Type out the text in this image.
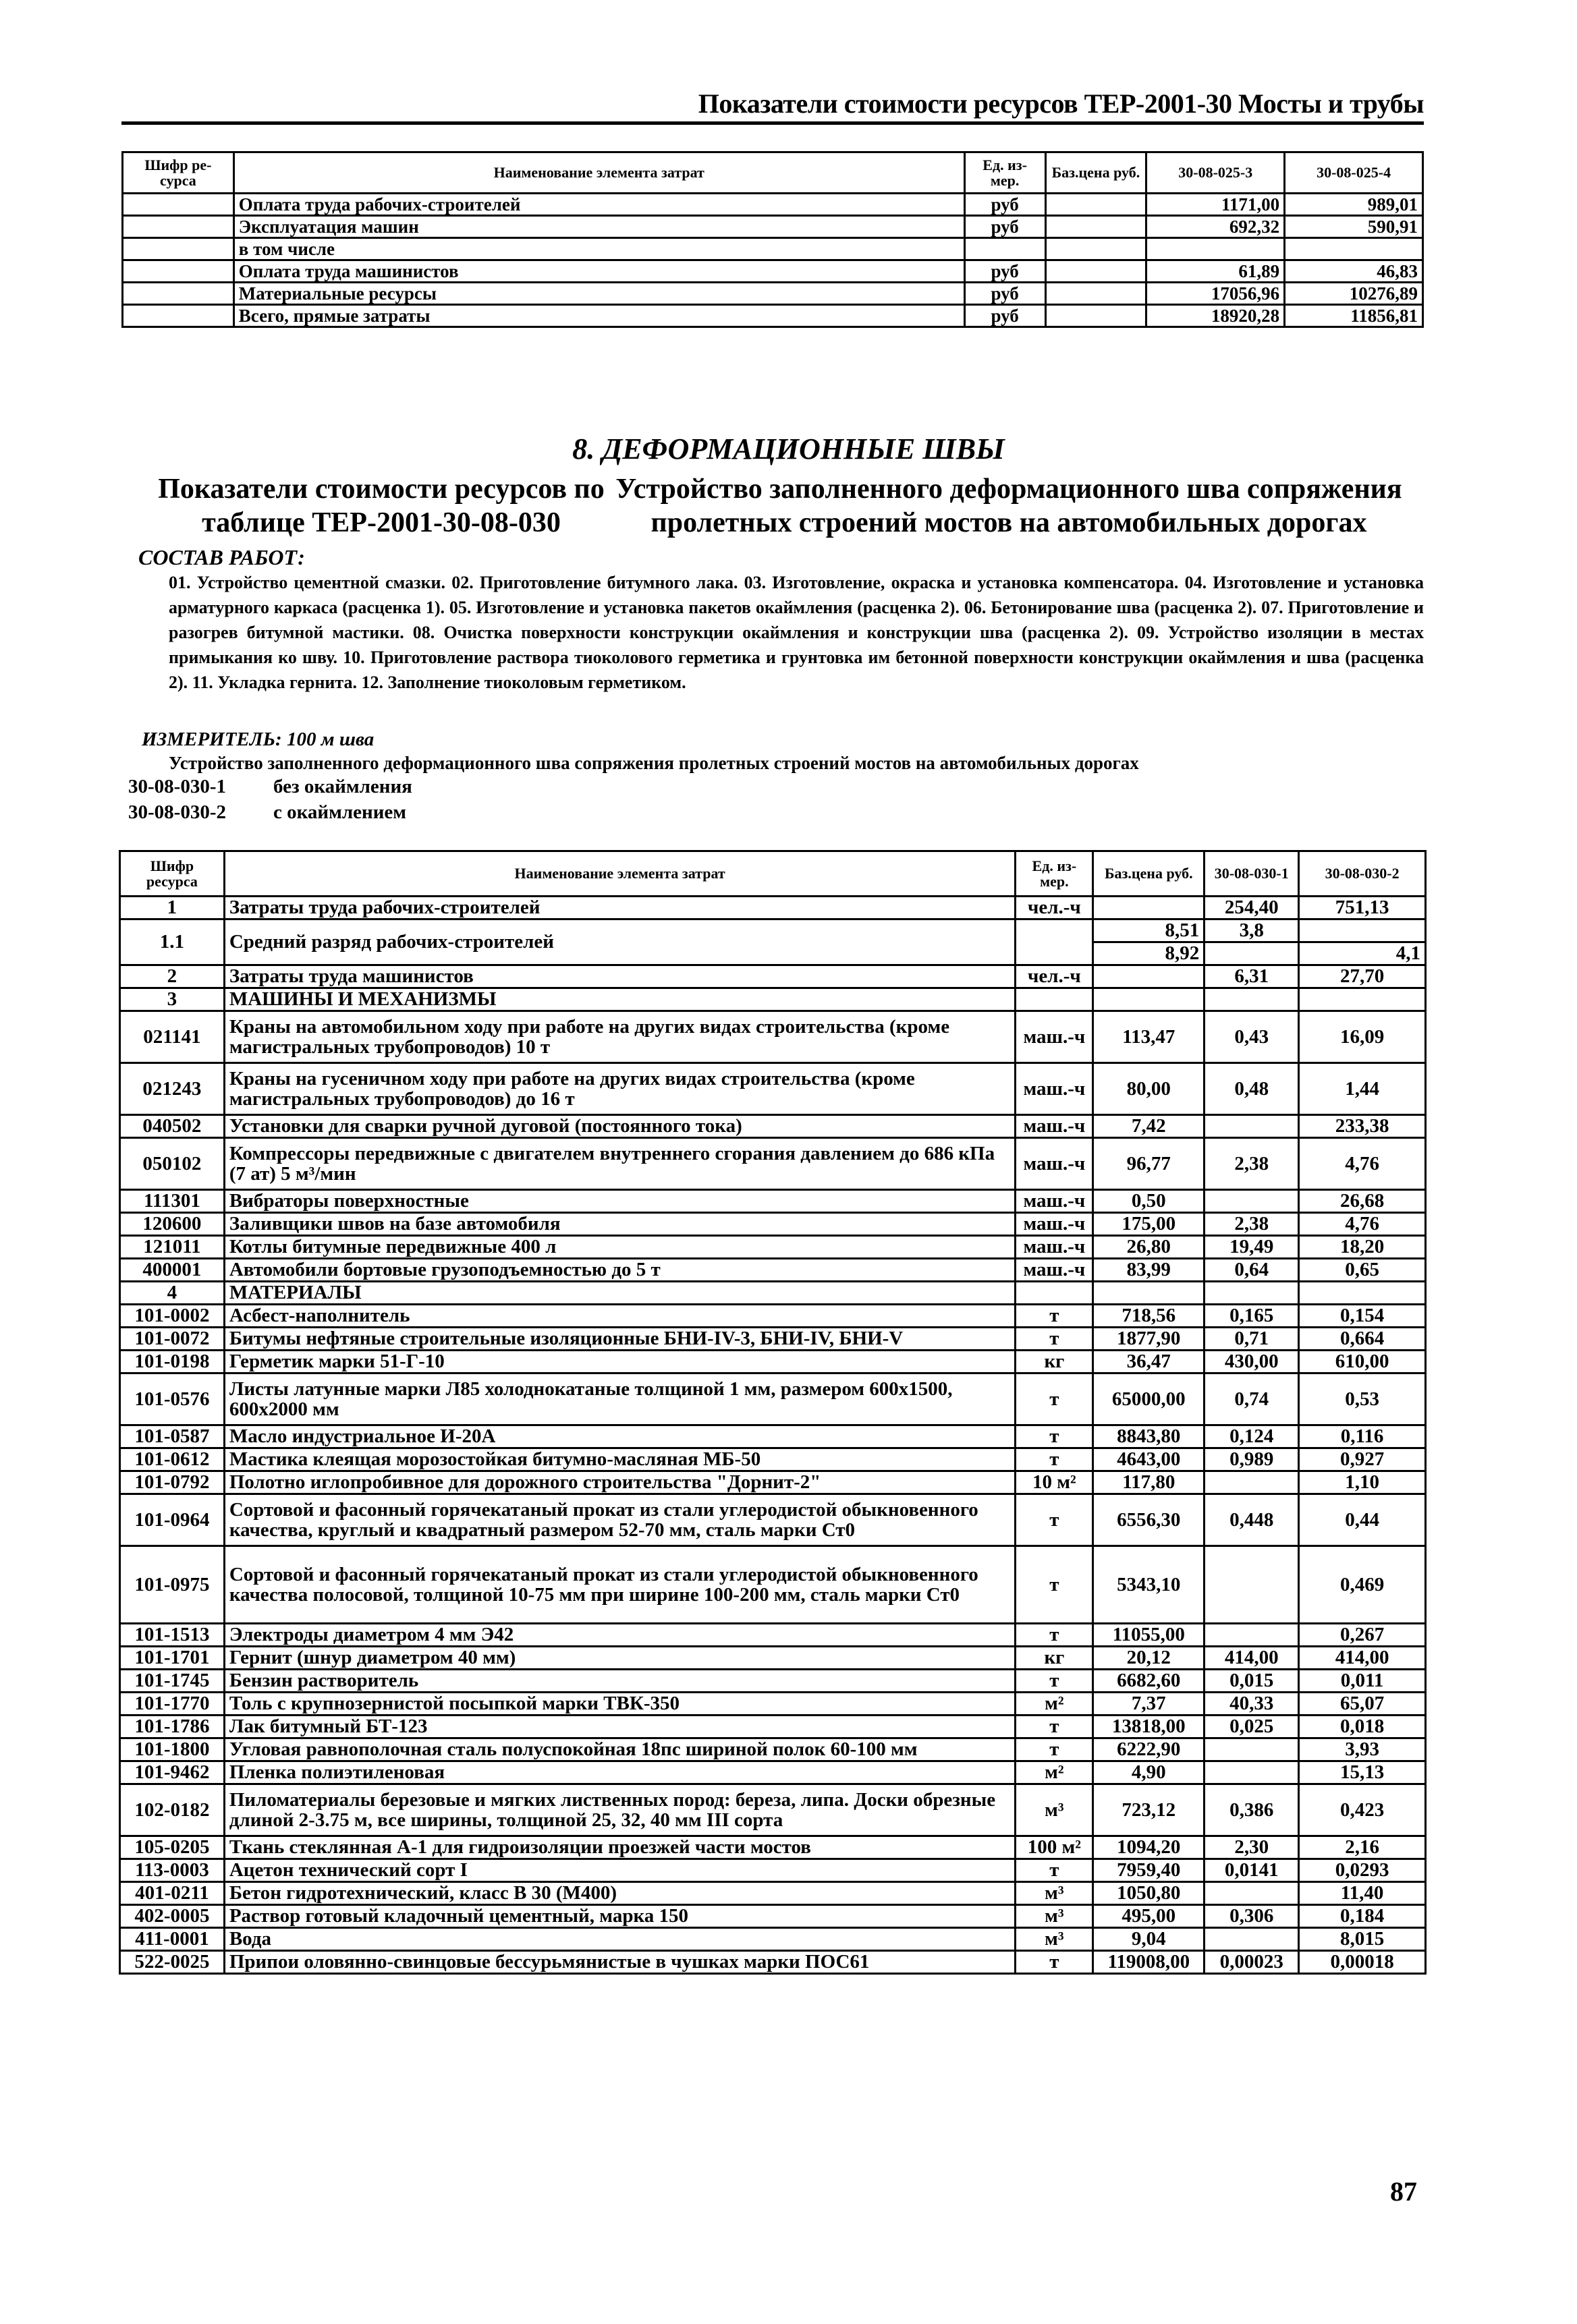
Показатели стоимости ресурсов ТЕР-2001-30 Мосты и трубы
Шифр ре-сурса	Наименование элемента затрат	Ед. из-мер.	Баз.цена руб.	30-08-025-3	30-08-025-4
	Оплата труда рабочих-строителей	руб		1171,00	989,01
	Эксплуатация машин	руб		692,32	590,91
	в том числе				
	Оплата труда машинистов	руб		61,89	46,83
	Материальные ресурсы	руб		17056,96	10276,89
	Всего, прямые затраты	руб		18920,28	11856,81
8. ДЕФОРМАЦИОННЫЕ ШВЫ
Показатели стоимости ресурсов по таблице ТЕР-2001-30-08-030
Устройство заполненного деформационного шва сопряжения пролетных строений мостов на автомобильных дорогах
СОСТАВ РАБОТ:
01. Устройство цементной смазки. 02. Приготовление битумного лака. 03. Изготовление, окраска и установка компенсатора. 04. Изготовление и установка арматурного каркаса (расценка 1). 05. Изготовление и установка пакетов окаймления (расценка 2). 06. Бетонирование шва (расценка 2). 07. Приготовление и разогрев битумной мастики. 08. Очистка поверхности конструкции окаймления и конструкции шва (расценка 2). 09. Устройство изоляции в местах примыкания ко шву. 10. Приготовление раствора тиоколового герметика и грунтовка им бетонной поверхности конструкции окаймления и шва (расценка 2). 11. Укладка гернита. 12. Заполнение тиоколовым герметиком.
ИЗМЕРИТЕЛЬ: 100 м шва
Устройство заполненного деформационного шва сопряжения пролетных строений мостов на автомобильных дорогах
30-08-030-1 без окаймления
30-08-030-2 с окаймлением
Шифр ресурса	Наименование элемента затрат	Ед. из-мер.	Баз.цена руб.	30-08-030-1	30-08-030-2
1	Затраты труда рабочих-строителей	чел.-ч		254,40	751,13
1.1	Средний разряд рабочих-строителей		8,51	3,8	
			8,92		4,1
2	Затраты труда машинистов	чел.-ч		6,31	27,70
3	МАШИНЫ И МЕХАНИЗМЫ				
021141	Краны на автомобильном ходу при работе на других видах строительства (кроме магистральных трубопроводов) 10 т	маш.-ч	113,47	0,43	16,09
021243	Краны на гусеничном ходу при работе на других видах строительства (кроме магистральных трубопроводов) до 16 т	маш.-ч	80,00	0,48	1,44
040502	Установки для сварки ручной дуговой (постоянного тока)	маш.-ч	7,42		233,38
050102	Компрессоры передвижные с двигателем внутреннего сгорания давлением до 686 кПа (7 ат) 5 м³/мин	маш.-ч	96,77	2,38	4,76
111301	Вибраторы поверхностные	маш.-ч	0,50		26,68
120600	Заливщики швов на базе автомобиля	маш.-ч	175,00	2,38	4,76
121011	Котлы битумные передвижные 400 л	маш.-ч	26,80	19,49	18,20
400001	Автомобили бортовые грузоподъемностью до 5 т	маш.-ч	83,99	0,64	0,65
4	МАТЕРИАЛЫ				
101-0002	Асбест-наполнитель	т	718,56	0,165	0,154
101-0072	Битумы нефтяные строительные изоляционные БНИ-IV-3, БНИ-IV, БНИ-V	т	1877,90	0,71	0,664
101-0198	Герметик марки 51-Г-10	кг	36,47	430,00	610,00
101-0576	Листы латунные марки Л85 холоднокатаные толщиной 1 мм, размером 600х1500, 600х2000 мм	т	65000,00	0,74	0,53
101-0587	Масло индустриальное И-20А	т	8843,80	0,124	0,116
101-0612	Мастика клеящая морозостойкая битумно-масляная МБ-50	т	4643,00	0,989	0,927
101-0792	Полотно иглопробивное для дорожного строительства "Дорнит-2"	10 м²	117,80		1,10
101-0964	Сортовой и фасонный горячекатаный прокат из стали углеродистой обыкновенного качества, круглый и квадратный размером 52-70 мм, сталь марки Ст0	т	6556,30	0,448	0,44
101-0975	Сортовой и фасонный горячекатаный прокат из стали углеродистой обыкновенного качества полосовой, толщиной 10-75 мм при ширине 100-200 мм, сталь марки Ст0	т	5343,10		0,469
101-1513	Электроды диаметром 4 мм Э42	т	11055,00		0,267
101-1701	Гернит (шнур диаметром 40 мм)	кг	20,12	414,00	414,00
101-1745	Бензин растворитель	т	6682,60	0,015	0,011
101-1770	Толь с крупнозернистой посыпкой марки ТВК-350	м²	7,37	40,33	65,07
101-1786	Лак битумный БТ-123	т	13818,00	0,025	0,018
101-1800	Угловая равнополочная сталь полуспокойная 18пс шириной полок 60-100 мм	т	6222,90		3,93
101-9462	Пленка полиэтиленовая	м²	4,90		15,13
102-0182	Пиломатериалы березовые и мягких лиственных пород: береза, липа. Доски обрезные длиной 2-3.75 м, все ширины, толщиной 25, 32, 40 мм III сорта	м³	723,12	0,386	0,423
105-0205	Ткань стеклянная А-1 для гидроизоляции проезжей части мостов	100 м²	1094,20	2,30	2,16
113-0003	Ацетон технический сорт I	т	7959,40	0,0141	0,0293
401-0211	Бетон гидротехнический, класс В 30 (М400)	м³	1050,80		11,40
402-0005	Раствор готовый кладочный цементный, марка 150	м³	495,00	0,306	0,184
411-0001	Вода	м³	9,04		8,015
522-0025	Припои оловянно-свинцовые бессурьмянистые в чушках марки ПОС61	т	119008,00	0,00023	0,00018
87
